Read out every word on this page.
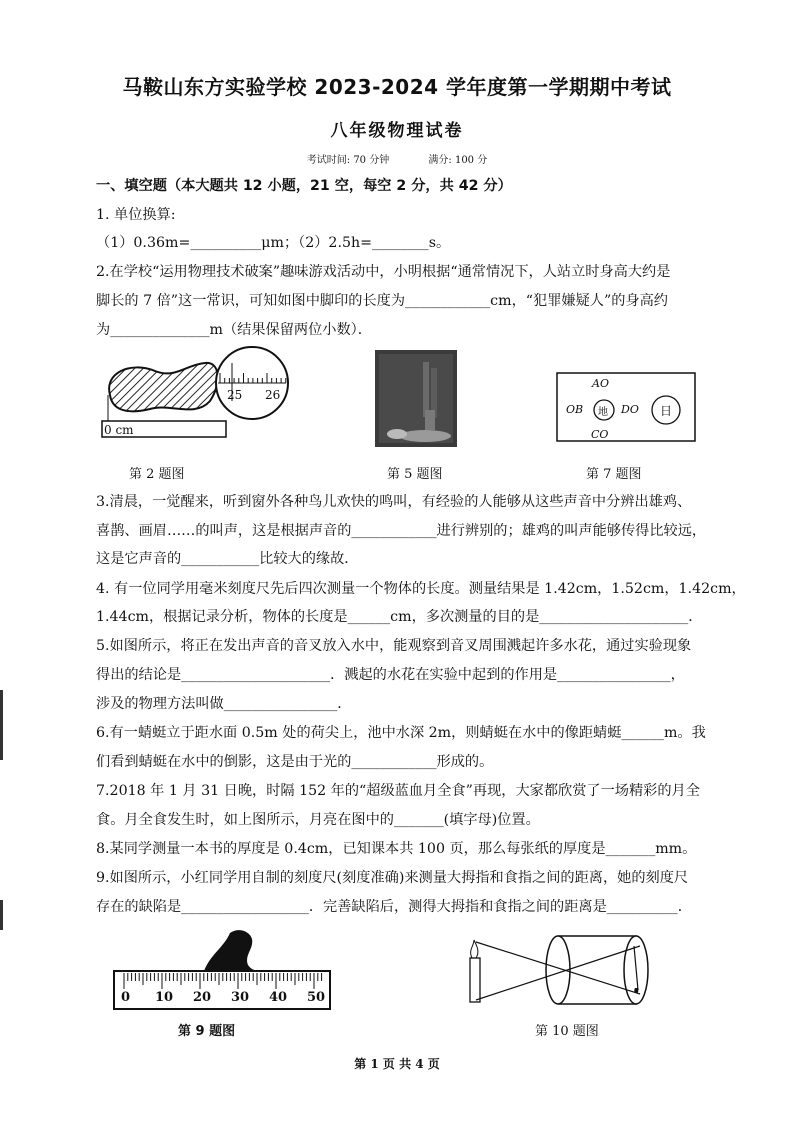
马鞍山东方实验学校 2023-2024 学年度第一学期期中考试
八年级物理试卷
考试时间: 70 分钟	满分: 100 分
一、填空题（本大题共 12 小题，21 空，每空 2 分，共 42 分）
1. 单位换算:
（1）0.36m=__________μm；（2）2.5h=________s。
2.在学校“运用物理技术破案”趣味游戏活动中，小明根据“通常情况下，人站立时身高大约是
脚长的 7 倍”这一常识，可知如图中脚印的长度为____________cm，“犯罪嫌疑人”的身高约
为______________m（结果保留两位小数）．
0 cm
25 26
第 2 题图	第 5 题图
AO
OB 地 DO
CO
日
第 7 题图
3.清晨，一觉醒来，听到窗外各种鸟儿欢快的鸣叫，有经验的人能够从这些声音中分辨出雄鸡、
喜鹊、画眉……的叫声，这是根据声音的____________进行辨别的；雄鸡的叫声能够传得比较远，
这是它声音的___________比较大的缘故．
4. 有一位同学用毫米刻度尺先后四次测量一个物体的长度。测量结果是 1.42cm，1.52cm，1.42cm，
1.44cm，根据记录分析，物体的长度是______cm，多次测量的目的是_____________________．
5.如图所示，将正在发出声音的音叉放入水中，能观察到音叉周围溅起许多水花，通过实验现象
得出的结论是_____________________．溅起的水花在实验中起到的作用是________________，
涉及的物理方法叫做________________．
6.有一蜻蜓立于距水面 0.5m 处的荷尖上，池中水深 2m，则蜻蜓在水中的像距蜻蜓______m。我
们看到蜻蜓在水中的倒影，这是由于光的____________形成的。
7.2018 年 1 月 31 日晚，时隔 152 年的“超级蓝血月全食”再现，大家都欣赏了一场精彩的月全
食。月全食发生时，如上图所示，月亮在图中的_______(填字母)位置。
8.某同学测量一本书的厚度是 0.4cm，已知课本共 100 页，那么每张纸的厚度是_______mm。
9.如图所示，小红同学用自制的刻度尺(刻度准确)来测量大拇指和食指之间的距离，她的刻度尺
存在的缺陷是__________________．完善缺陷后，测得大拇指和食指之间的距离是__________．
0 10 20 30 40 50
第 9 题图	第 10 题图
第 1 页 共 4 页
